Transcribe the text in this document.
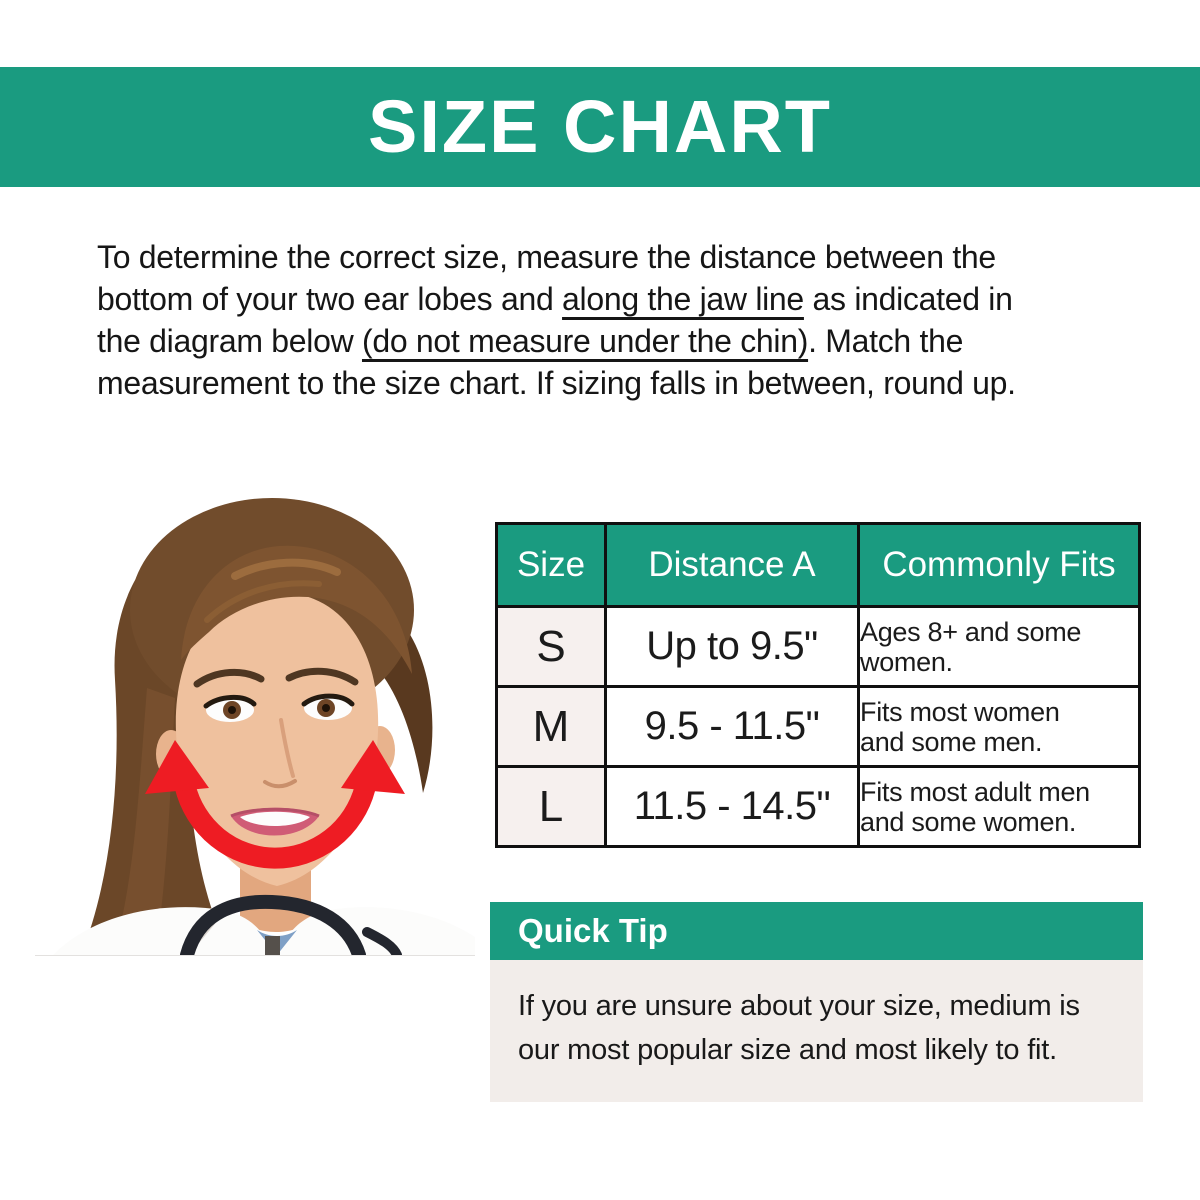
SIZE CHART
To determine the correct size, measure the distance between the
bottom of your two ear lobes and along the jaw line as indicated in
the diagram below (do not measure under the chin). Match the
measurement to the size chart. If sizing falls in between, round up.
Size	Distance A	Commonly Fits
S	Up to 9.5"	Ages 8+ and some
women.

M	9.5 - 11.5"	Fits most women
and some men.

L	11.5 - 14.5"	Fits most adult men
and some women.
Quick Tip
If you are unsure about your size, medium is
our most popular size and most likely to fit.
